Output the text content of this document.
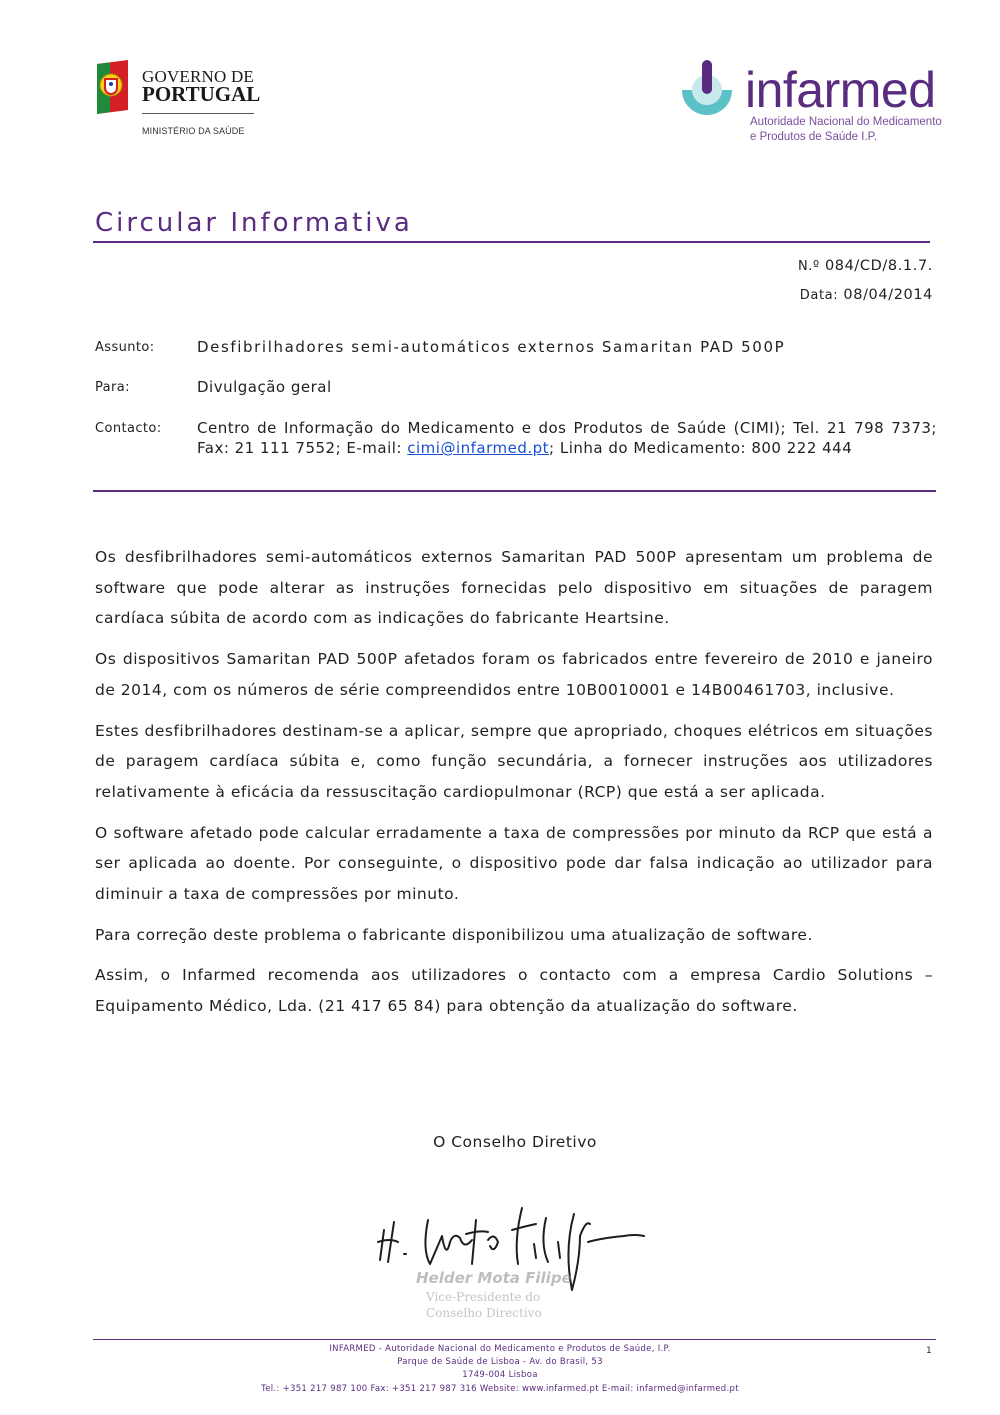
GOVERNO DE
PORTUGAL
MINISTÉRIO DA SAÚDE
infarmed
Autoridade Nacional do Medicamento
e Produtos de Saúde I.P.
Circular Informativa
N.º 084/CD/8.1.7.
Data: 08/04/2014
Assunto:	Desfibrilhadores semi-automáticos externos Samaritan PAD 500P
Para:	Divulgação geral
Contacto: Centro de Informação do Medicamento e dos Produtos de Saúde (CIMI); Tel. 21 798 7373; Fax: 21 111 7552; E-mail: cimi@infarmed.pt; Linha do Medicamento: 800 222 444

Os desfibrilhadores semi-automáticos externos Samaritan PAD 500P apresentam um problema de software que pode alterar as instruções fornecidas pelo dispositivo em situações de paragem cardíaca súbita de acordo com as indicações do fabricante Heartsine.

Os dispositivos Samaritan PAD 500P afetados foram os fabricados entre fevereiro de 2010 e janeiro de 2014, com os números de série compreendidos entre 10B0010001 e 14B00461703, inclusive.

Estes desfibrilhadores destinam-se a aplicar, sempre que apropriado, choques elétricos em situações de paragem cardíaca súbita e, como função secundária, a fornecer instruções aos utilizadores relativamente à eficácia da ressuscitação cardiopulmonar (RCP) que está a ser aplicada.

O software afetado pode calcular erradamente a taxa de compressões por minuto da RCP que está a ser aplicada ao doente. Por conseguinte, o dispositivo pode dar falsa indicação ao utilizador para diminuir a taxa de compressões por minuto.

Para correção deste problema o fabricante disponibilizou uma atualização de software.

Assim, o Infarmed recomenda aos utilizadores o contacto com a empresa Cardio Solutions – Equipamento Médico, Lda. (21 417 65 84) para obtenção da atualização do software.

O Conselho Diretivo
Helder Mota Filipe
Vice-Presidente do
Conselho Directivo
INFARMED - Autoridade Nacional do Medicamento e Produtos de Saúde, I.P.
Parque de Saúde de Lisboa - Av. do Brasil, 53
1749-004 Lisboa
Tel.: +351 217 987 100 Fax: +351 217 987 316 Website: www.infarmed.pt E-mail: infarmed@infarmed.pt
1
